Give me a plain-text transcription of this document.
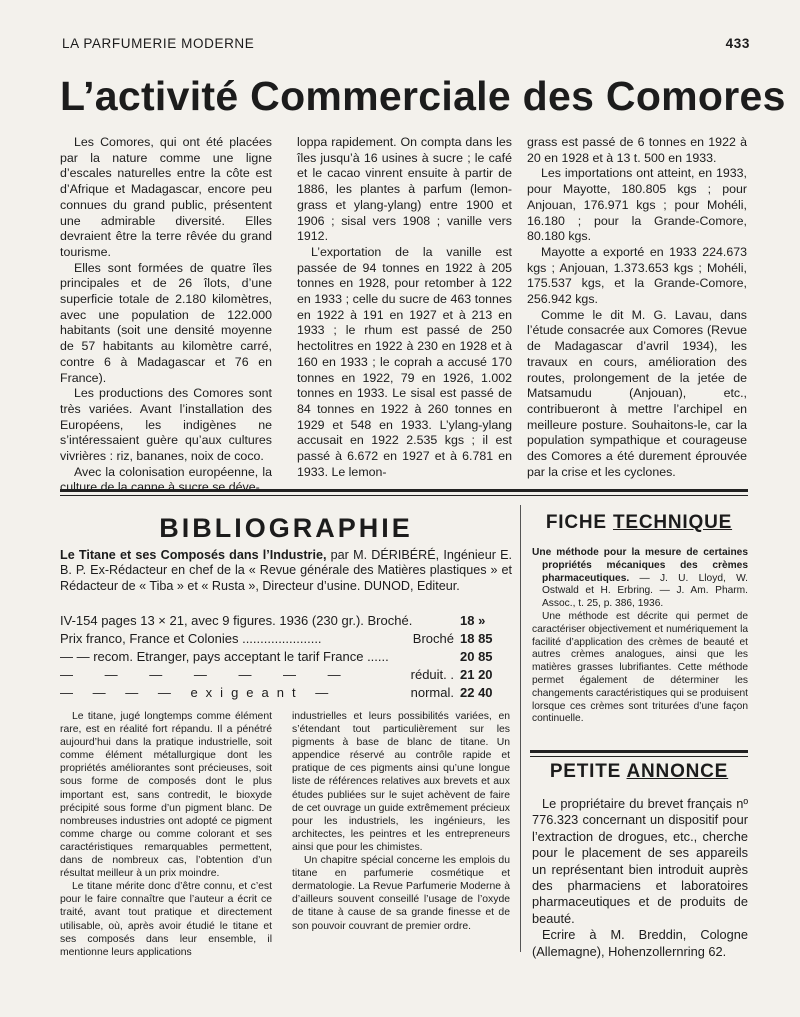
LA PARFUMERIE MODERNE	433
L’activité Commerciale des Comores

Les Comores, qui ont été placées par la nature comme une ligne d’escales naturelles entre la côte est d’Afrique et Madagascar, encore peu connues du grand public, présentent une admirable diversité. Elles devraient être la terre rêvée du grand tourisme.

Elles sont formées de quatre îles principales et de 26 îlots, d’une superficie totale de 2.180 kilomètres, avec une population de 122.000 habitants (soit une densité moyenne de 57 habitants au kilomètre carré, contre 6 à Madagascar et 76 en France).

Les productions des Comores sont très variées. Avant l’installation des Européens, les indigènes ne s’intéressaient guère qu’aux cultures vivrières : riz, bananes, noix de coco.

Avec la colonisation européenne, la culture de la canne à sucre se déve-

loppa rapidement. On compta dans les îles jusqu’à 16 usines à sucre ; le café et le cacao vinrent ensuite à partir de 1886, les plantes à parfum (lemon-grass et ylang-ylang) entre 1900 et 1906 ; sisal vers 1908 ; vanille vers 1912.

L’exportation de la vanille est passée de 94 tonnes en 1922 à 205 tonnes en 1928, pour retomber à 122 en 1933 ; celle du sucre de 463 tonnes en 1922 à 191 en 1927 et à 213 en 1933 ; le rhum est passé de 250 hectolitres en 1922 à 230 en 1928 et à 160 en 1933 ; le coprah a accusé 170 tonnes en 1922, 79 en 1926, 1.002 tonnes en 1933. Le sisal est passé de 84 tonnes en 1922 à 260 tonnes en 1929 et 548 en 1933. L’ylang-ylang accusait en 1922 2.535 kgs ; il est passé à 6.672 en 1927 et à 6.781 en 1933. Le lemon-

grass est passé de 6 tonnes en 1922 à 20 en 1928 et à 13 t. 500 en 1933.

Les importations ont atteint, en 1933, pour Mayotte, 180.805 kgs ; pour Anjouan, 176.971 kgs ; pour Mohéli, 16.180 ; pour la Grande-Comore, 80.180 kgs.

Mayotte a exporté en 1933 224.673 kgs ; Anjouan, 1.373.653 kgs ; Mohéli, 175.537 kgs, et la Grande-Comore, 256.942 kgs.

Comme le dit M. G. Lavau, dans l’étude consacrée aux Comores (Revue de Madagascar d’avril 1934), les travaux en cours, amélioration des routes, prolongement de la jetée de Matsamudu (Anjouan), etc., contribueront à mettre l’archipel en meilleure posture. Souhaitons-le, car la population sympathique et courageuse des Comores a été durement éprouvée par la crise et les cyclones.

BIBLIOGRAPHIE
Le Titane et ses Composés dans l’Industrie, par M. DÉRIBÉRÉ, Ingénieur E. B. P. Ex-Rédacteur en chef de la « Revue générale des Matières plastiques » et Rédacteur de « Tiba » et « Rusta », Directeur d’usine. DUNOD, Editeur.
IV-154 pages 13 × 21, avec 9 figures. 1936 (230 gr.). Broché.	18 »
Prix franco, France et Colonies ......................	Broché 18 85
— — recom. Etranger, pays acceptant le tarif France ......	20 85
— — — — — — —	réduit. . 21 20
— — — — exigeant —	normal. 22 40

Le titane, jugé longtemps comme élément rare, est en réalité fort répandu. Il a pénétré aujourd’hui dans la pratique industrielle, soit comme élément métallurgique dont les propriétés améliorantes sont précieuses, soit sous forme de composés dont le plus important est, sans contredit, le bioxyde précipité sous forme d’un pigment blanc. De nombreuses industries ont adopté ce pigment comme charge ou comme colorant et ses caractéristiques remarquables permettent, dans de nombreux cas, l’obtention d’un résultat meilleur à un prix moindre.

Le titane mérite donc d’être connu, et c’est pour le faire connaître que l’auteur a écrit ce traité, avant tout pratique et directement utilisable, où, après avoir étudié le titane et ses composés dans leur ensemble, il mentionne leurs applications

industrielles et leurs possibilités variées, en s’étendant tout particulièrement sur les pigments à base de blanc de titane. Un appendice réservé au contrôle rapide et pratique de ces pigments ainsi qu’une longue liste de références relatives aux brevets et aux études publiées sur le sujet achèvent de faire de cet ouvrage un guide extrêmement précieux pour les industriels, les ingénieurs, les architectes, les peintres et les entrepreneurs ainsi que pour les chimistes.

Un chapitre spécial concerne les emplois du titane en parfumerie cosmétique et dermatologie. La Revue Parfumerie Moderne à d’ailleurs souvent conseillé l’usage de l’oxyde de titane à cause de sa grande finesse et de son pouvoir couvrant de premier ordre.

FICHE TECHNIQUE

Une méthode pour la mesure de certaines propriétés mécaniques des crèmes pharmaceutiques. — J. U. Lloyd, W. Ostwald et H. Erbring. — J. Am. Pharm. Assoc., t. 25, p. 386, 1936.

Une méthode est décrite qui permet de caractériser objectivement et numériquement la facilité d’application des crèmes de beauté et autres crèmes analogues, ainsi que les matières grasses lubrifiantes. Cette méthode permet également de déterminer les changements caractéristiques qui se produisent lorsque ces crèmes sont triturées d’une façon continuelle.

PETITE ANNONCE

Le propriétaire du brevet français nº 776.323 concernant un dispositif pour l’extraction de drogues, etc., cherche pour le placement de ses appareils un représentant bien introduit auprès des pharmaciens et laboratoires pharmaceutiques et de produits de beauté.

Ecrire à M. Breddin, Cologne (Allemagne), Hohenzollernring 62.
